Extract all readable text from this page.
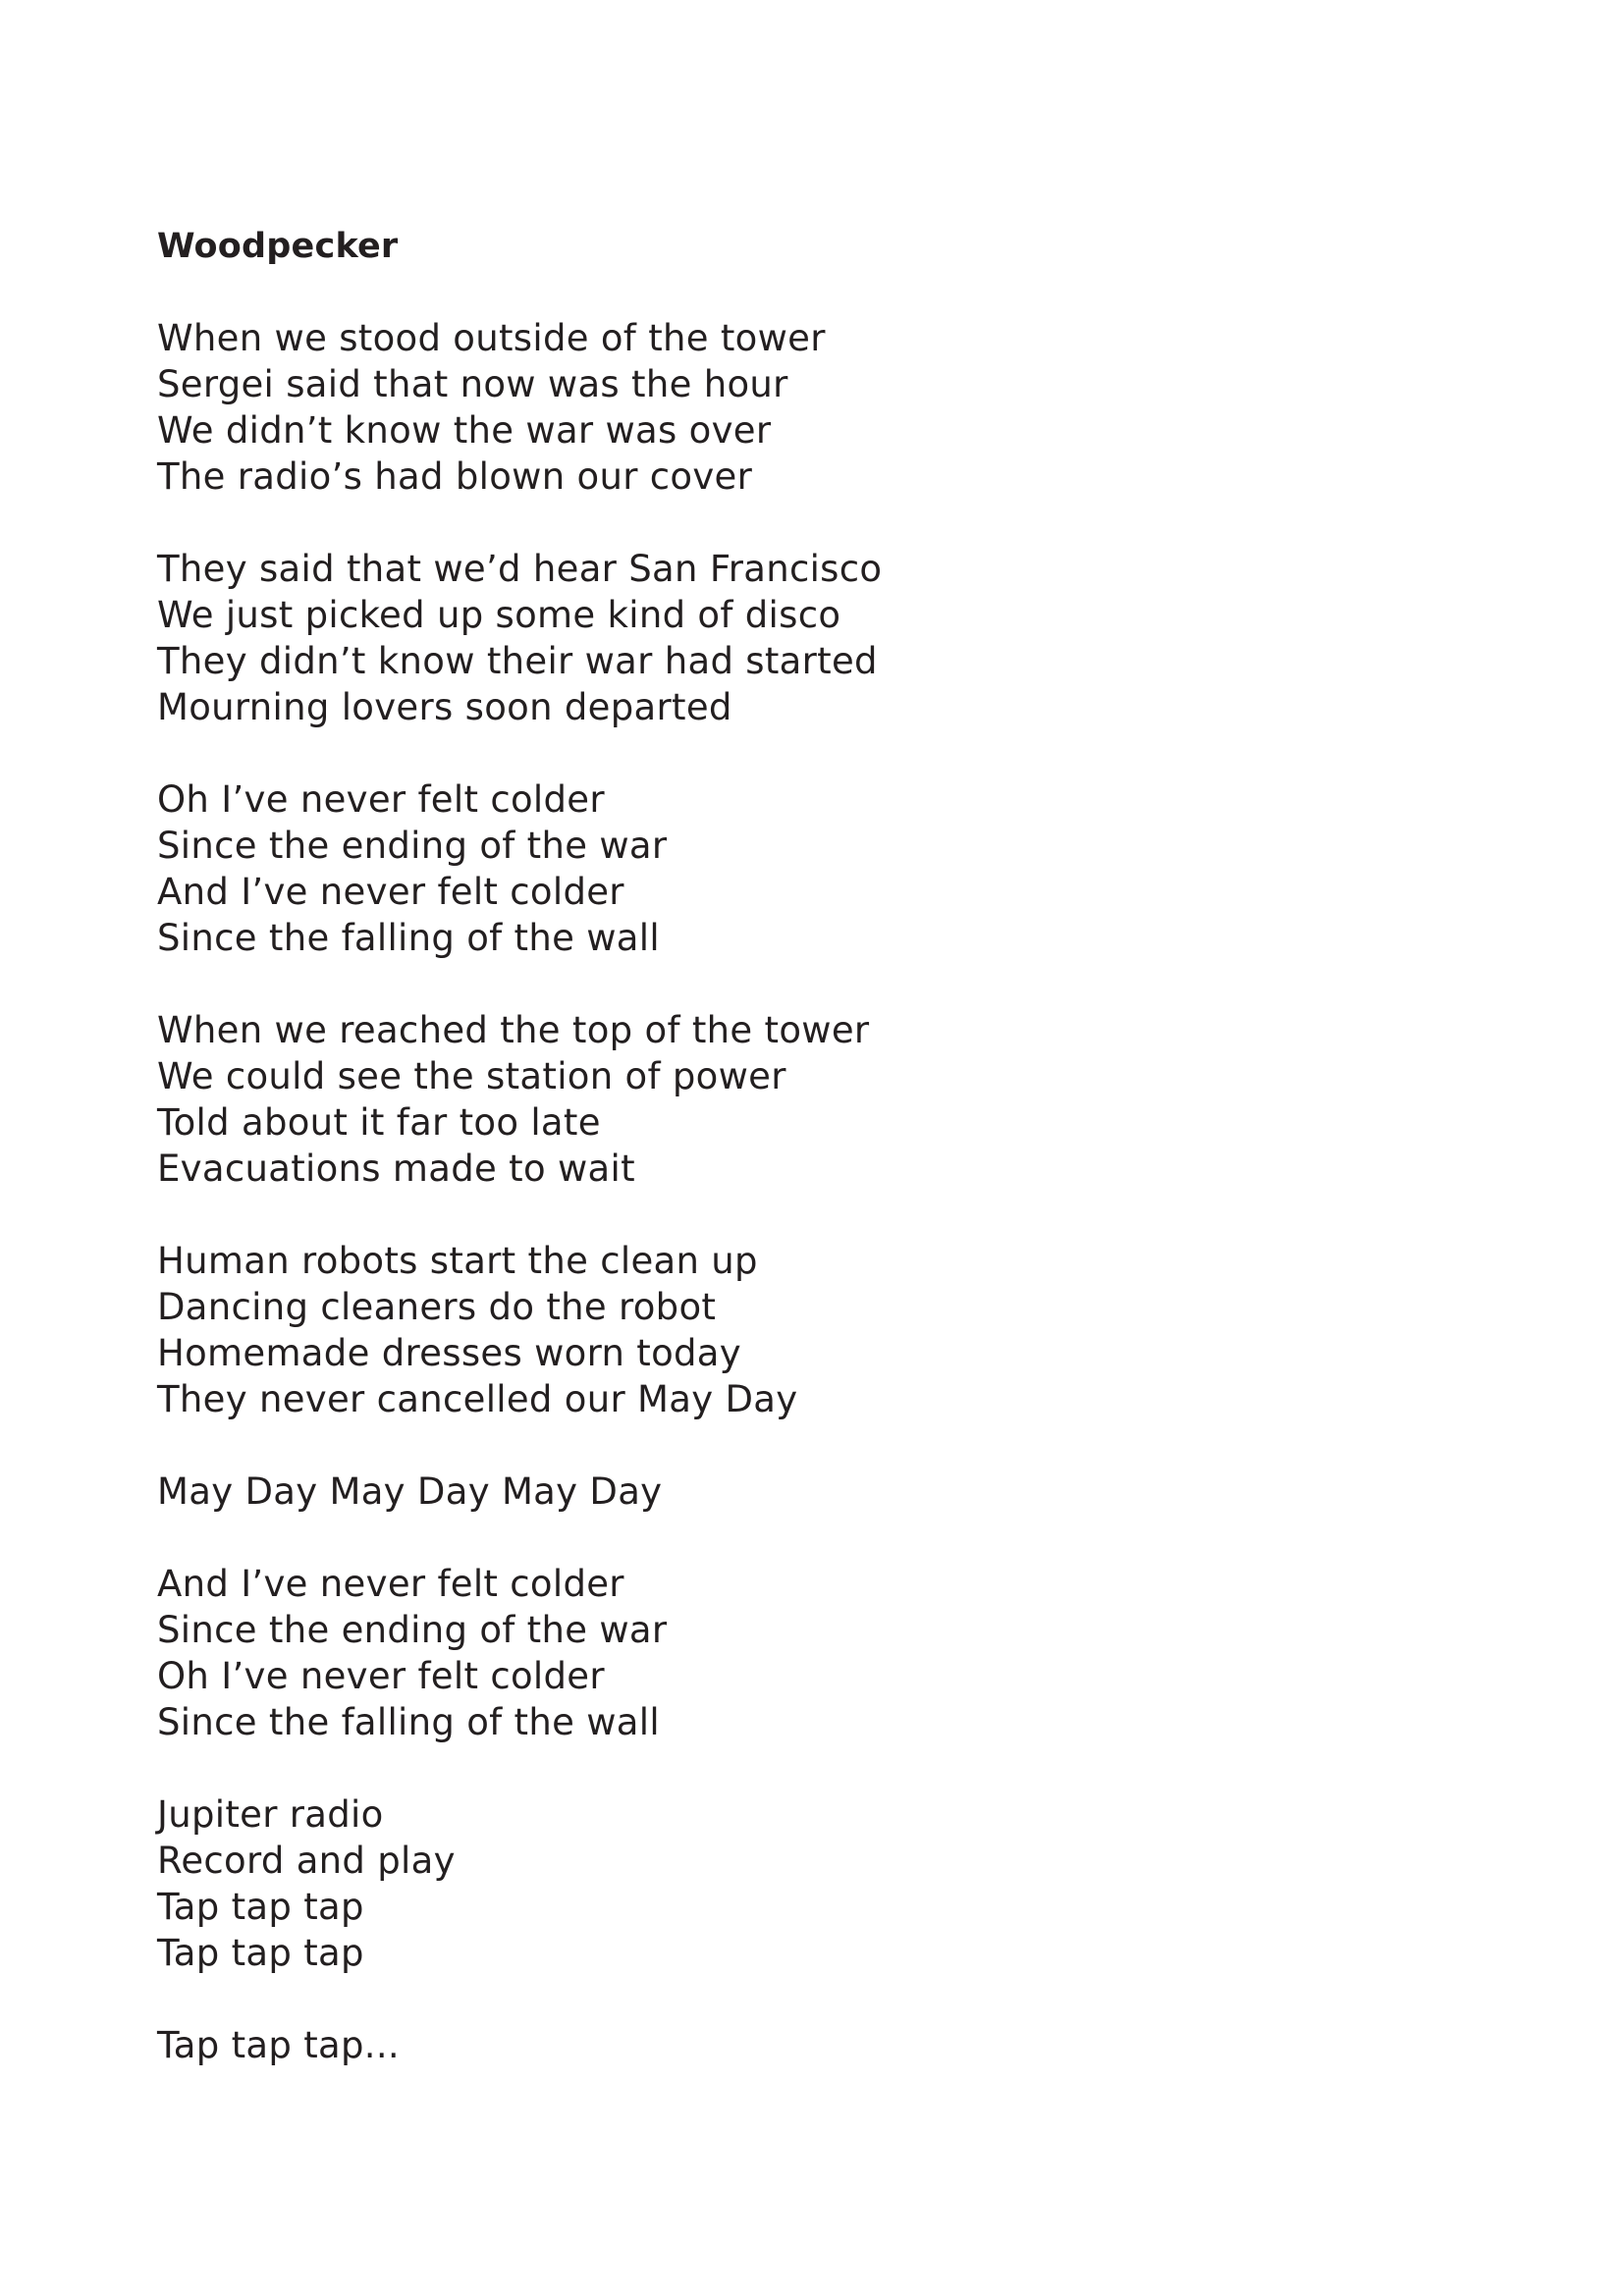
Woodpecker
When we stood outside of the tower
Sergei said that now was the hour
We didn’t know the war was over
The radio’s had blown our cover
They said that we’d hear San Francisco
We just picked up some kind of disco
They didn’t know their war had started
Mourning lovers soon departed
Oh I’ve never felt colder
Since the ending of the war
And I’ve never felt colder
Since the falling of the wall
When we reached the top of the tower
We could see the station of power
Told about it far too late
Evacuations made to wait
Human robots start the clean up
Dancing cleaners do the robot
Homemade dresses worn today
They never cancelled our May Day
May Day May Day May Day
And I’ve never felt colder
Since the ending of the war
Oh I’ve never felt colder
Since the falling of the wall
Jupiter radio
Record and play
Tap tap tap
Tap tap tap
Tap tap tap...
